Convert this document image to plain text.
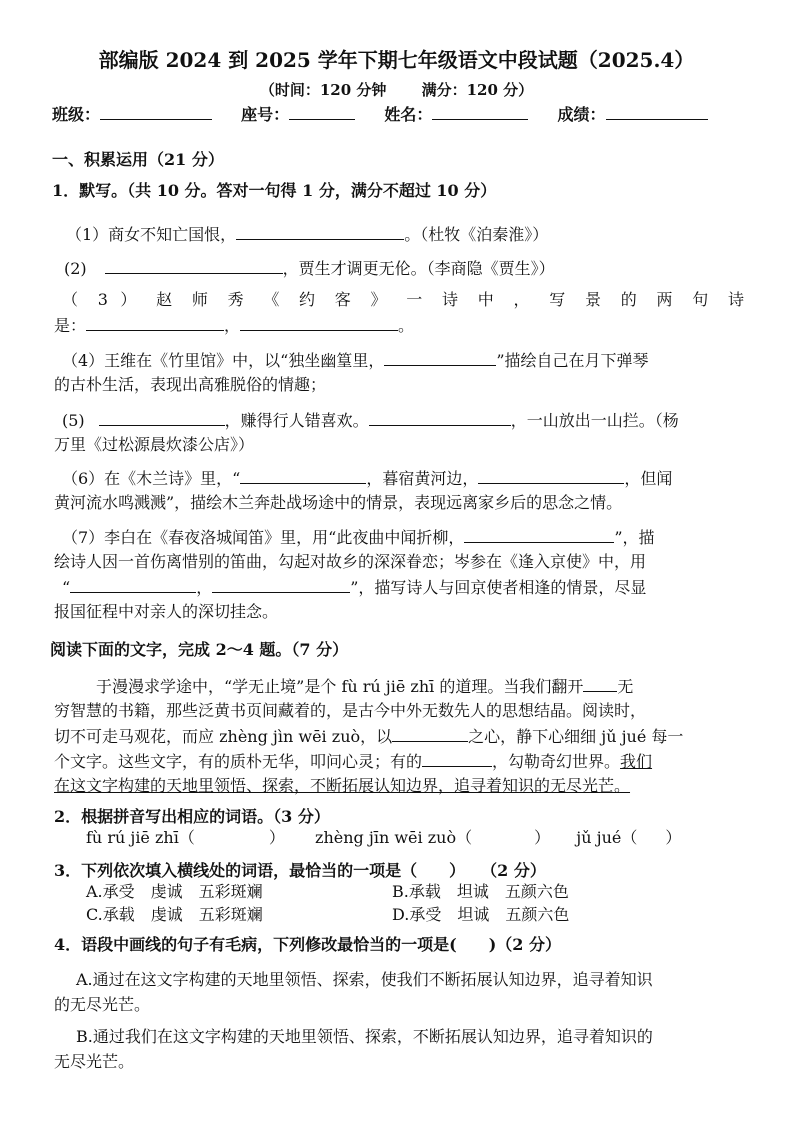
部编版 2024 到 2025 学年下期七年级语文中段试题（2025.4）
（时间：120 分钟　　 满分：120 分）
班级：	座号：	姓名：	成绩：
一、积累运用（21 分）
1．默写。（共 10 分。答对一句得 1 分，满分不超过 10 分）
（1）商女不知亡国恨，	。（杜牧《泊秦淮》）
(2)	，贾生才调更无伦。（李商隐《贾生》）
（ 3 ） 赵 师 秀 《 约 客 》 一 诗 中 ， 写 景 的 两 句 诗
是：	，	。
（4）王维在《竹里馆》中，以“独坐幽篁里，	”描绘自己在月下弹琴
的古朴生活，表现出高雅脱俗的情趣；
(5)	，赚得行人错喜欢。	，一山放出一山拦。（杨
万里《过松源晨炊漆公店》）
（6）在《木兰诗》里，“	，暮宿黄河边，	，但闻
黄河流水鸣溅溅”，描绘木兰奔赴战场途中的情景，表现远离家乡后的思念之情。
（7）李白在《春夜洛城闻笛》里，用“此夜曲中闻折柳，	”，描
绘诗人因一首伤离惜别的笛曲，勾起对故乡的深深眷恋；岑参在《逢入京使》中，用
“	，	”，描写诗人与回京使者相逢的情景，尽显
报国征程中对亲人的深切挂念。
阅读下面的文字，完成 2～4 题。（7 分）
于漫漫求学途中，“学无止境”是个 fù rú jiē zhī 的道理。当我们翻开 无
穷智慧的书籍，那些泛黄书页间藏着的，是古今中外无数先人的思想结晶。阅读时，
切不可走马观花，而应 zhèng jìn wēi zuò，以	之心，静下心细细 jǔ jué 每一
个文字。这些文字，有的质朴无华，叩问心灵；有的	，勾勒奇幻世界。我们
在这文字构建的天地里领悟、探索，不断拓展认知边界，追寻着知识的无尽光芒。
2．根据拼音写出相应的词语。（3 分）
fù rú jiē zhī（	） zhèng jīn wēi zuò（	） jǔ jué（ ）
3．下列依次填入横线处的词语，最恰当的一项是（　　）　　（2 分）
A.承受　虔诚　五彩斑斓	B.承载　坦诚　五颜六色
C.承载　虔诚　五彩斑斓	D.承受　坦诚　五颜六色
4．语段中画线的句子有毛病，下列修改最恰当的一项是(　　)（2 分）
A.通过在这文字构建的天地里领悟、探索，使我们不断拓展认知边界，追寻着知识
的无尽光芒。
B.通过我们在这文字构建的天地里领悟、探索，不断拓展认知边界，追寻着知识的
无尽光芒。
